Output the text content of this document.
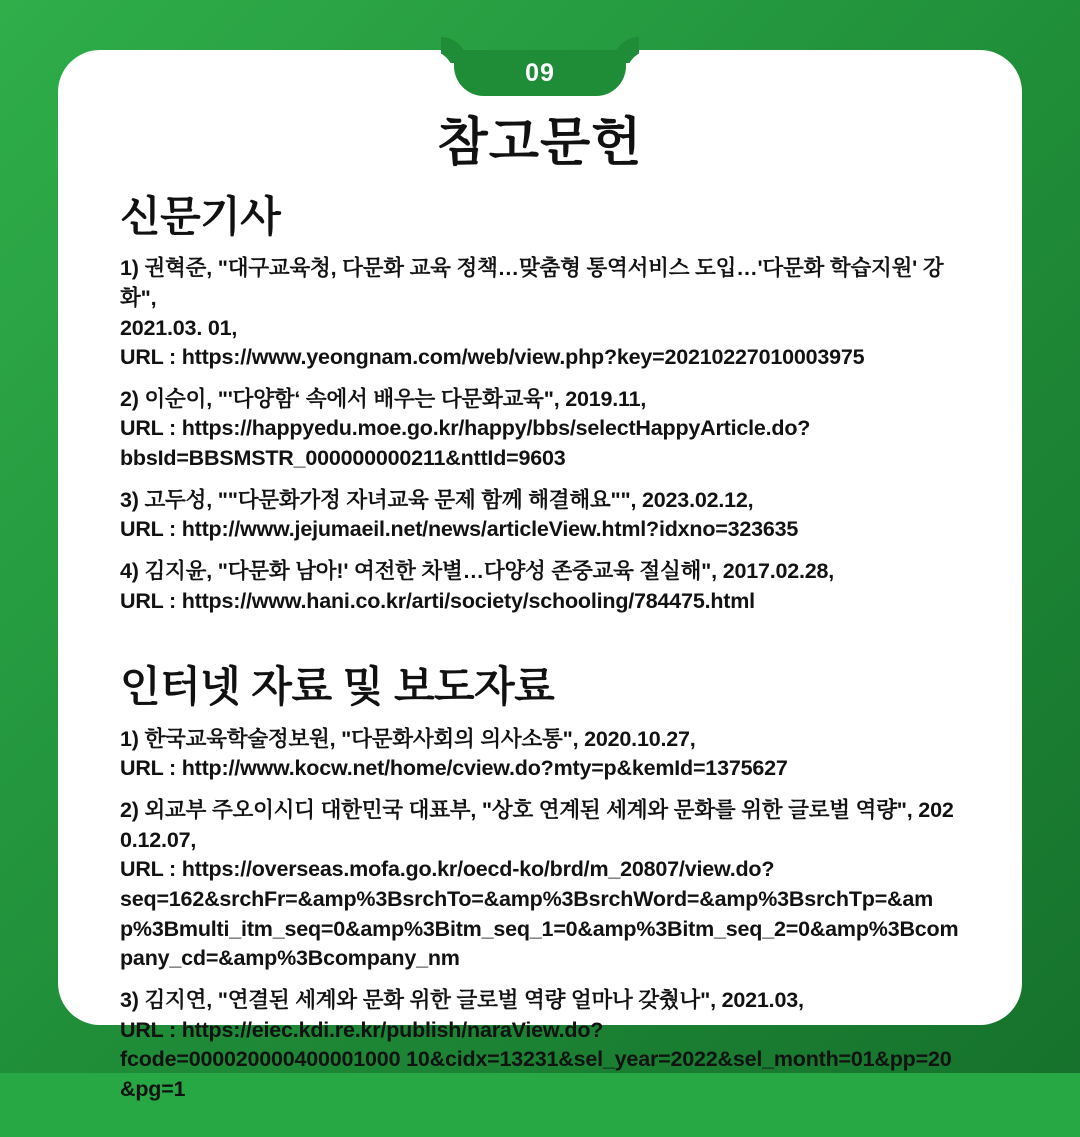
참고문헌
신문기사
1) 권혁준, "대구교육청, 다문화 교육 정책…맞춤형 통역서비스 도입…'다문화 학습지원' 강화",
2021.03. 01,
URL : https://www.yeongnam.com/web/view.php?key=20210227010003975
2) 이순이, "'다양함‘ 속에서 배우는 다문화교육", 2019.11,
URL : https://happyedu.moe.go.kr/happy/bbs/selectHappyArticle.do?
bbsId=BBSMSTR_000000000211&nttId=9603
3) 고두성, ""다문화가정 자녀교육 문제 함께 해결해요"", 2023.02.12,
URL : http://www.jejumaeil.net/news/articleView.html?idxno=323635
4) 김지윤, "다문화 남아!' 여전한 차별…다양성 존중교육 절실해", 2017.02.28,
URL : https://www.hani.co.kr/arti/society/schooling/784475.html
인터넷 자료 및 보도자료
1) 한국교육학술정보원, "다문화사회의 의사소통", 2020.10.27,
URL : http://www.kocw.net/home/cview.do?mty=p&kemId=1375627
2) 외교부 주오이시디 대한민국 대표부, "상호 연계된 세계와 문화를 위한 글로벌 역량", 2020.12.07,
URL : https://overseas.mofa.go.kr/oecd-ko/brd/m_20807/view.do?
seq=162&srchFr=&amp%3BsrchTo=&amp%3BsrchWord=&amp%3BsrchTp=&amp%3Bmulti_itm_seq=0&amp%3Bitm_seq_1=0&amp%3Bitm_seq_2=0&amp%3Bcompany_cd=&amp%3Bcompany_nm
3) 김지연, "연결된 세계와 문화 위한 글로벌 역량 얼마나 갖췄나", 2021.03,
URL : https://eiec.kdi.re.kr/publish/naraView.do?
fcode=000020000400001000 10&cidx=13231&sel_year=2022&sel_month=01&pp=20&pg=1
09
